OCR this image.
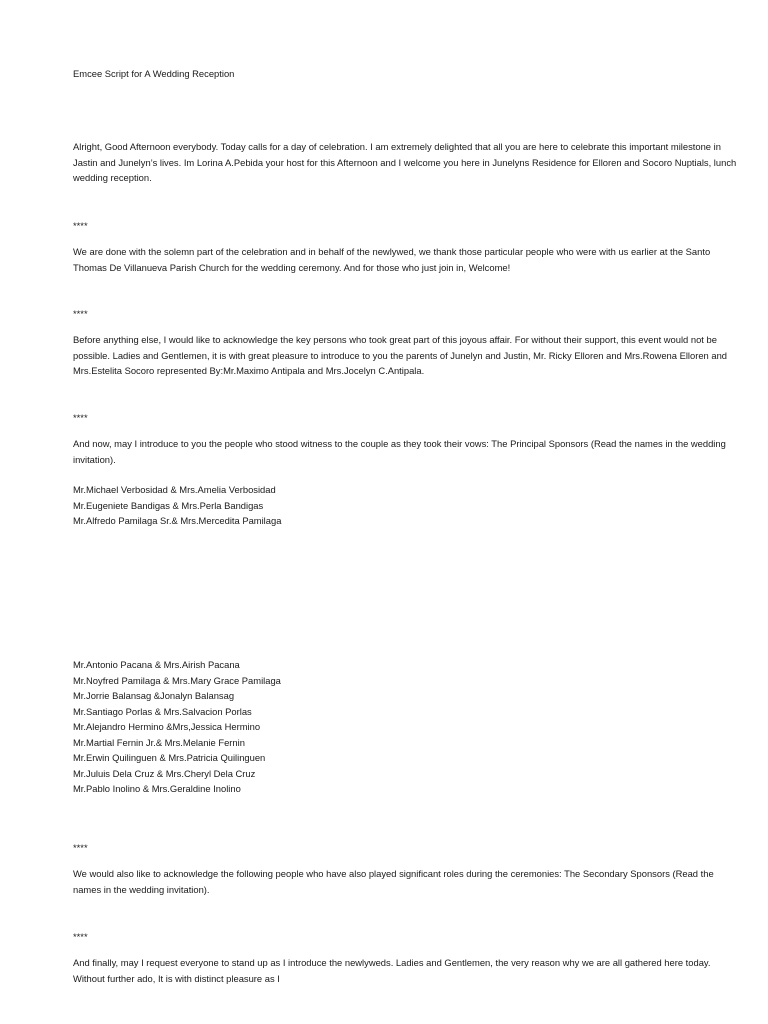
Emcee Script for A Wedding Reception

Alright, Good Afternoon everybody. Today calls for a day of celebration. I am extremely delighted that all you are here to celebrate this important milestone in Jastin and Junelyn’s lives. Im Lorina A.Pebida your host for this Afternoon and I welcome you here in Junelyns Residence for Elloren and Socoro Nuptials, lunch wedding reception.

****

We are done with the solemn part of the celebration and in behalf of the newlywed, we thank those particular people who were with us earlier at the Santo Thomas De Villanueva Parish Church for the wedding ceremony. And for those who just join in, Welcome!

****

Before anything else, I would like to acknowledge the key persons who took great part of this joyous affair. For without their support, this event would not be possible. Ladies and Gentlemen, it is with great pleasure to introduce to you the parents of Junelyn and Justin, Mr. Ricky Elloren and Mrs.Rowena Elloren and Mrs.Estelita Socoro represented By:Mr.Maximo Antipala and Mrs.Jocelyn C.Antipala.

****

And now, may I introduce to you the people who stood witness to the couple as they took their vows: The Principal Sponsors (Read the names in the wedding invitation).

Mr.Michael Verbosidad & Mrs.Amelia Verbosidad
Mr.Eugeniete Bandigas & Mrs.Perla Bandigas
Mr.Alfredo Pamilaga Sr.& Mrs.Mercedita Pamilaga
Mr.Antonio Pacana & Mrs.Airish Pacana
Mr.Noyfred Pamilaga & Mrs.Mary Grace Pamilaga
Mr.Jorrie Balansag &Jonalyn Balansag
Mr.Santiago Porlas & Mrs.Salvacion Porlas
Mr.Alejandro Hermino &Mrs,Jessica Hermino
Mr.Martial Fernin Jr.& Mrs.Melanie Fernin
Mr.Erwin Quilinguen & Mrs.Patricia Quilinguen
Mr.Juluis Dela Cruz & Mrs.Cheryl Dela Cruz
Mr.Pablo Inolino & Mrs.Geraldine Inolino

****

We would also like to acknowledge the following people who have also played significant roles during the ceremonies: The Secondary Sponsors (Read the names in the wedding invitation).

****

And finally, may I request everyone to stand up as I introduce the newlyweds. Ladies and Gentlemen, the very reason why we are all gathered here today. Without further ado, It is with distinct pleasure as I
